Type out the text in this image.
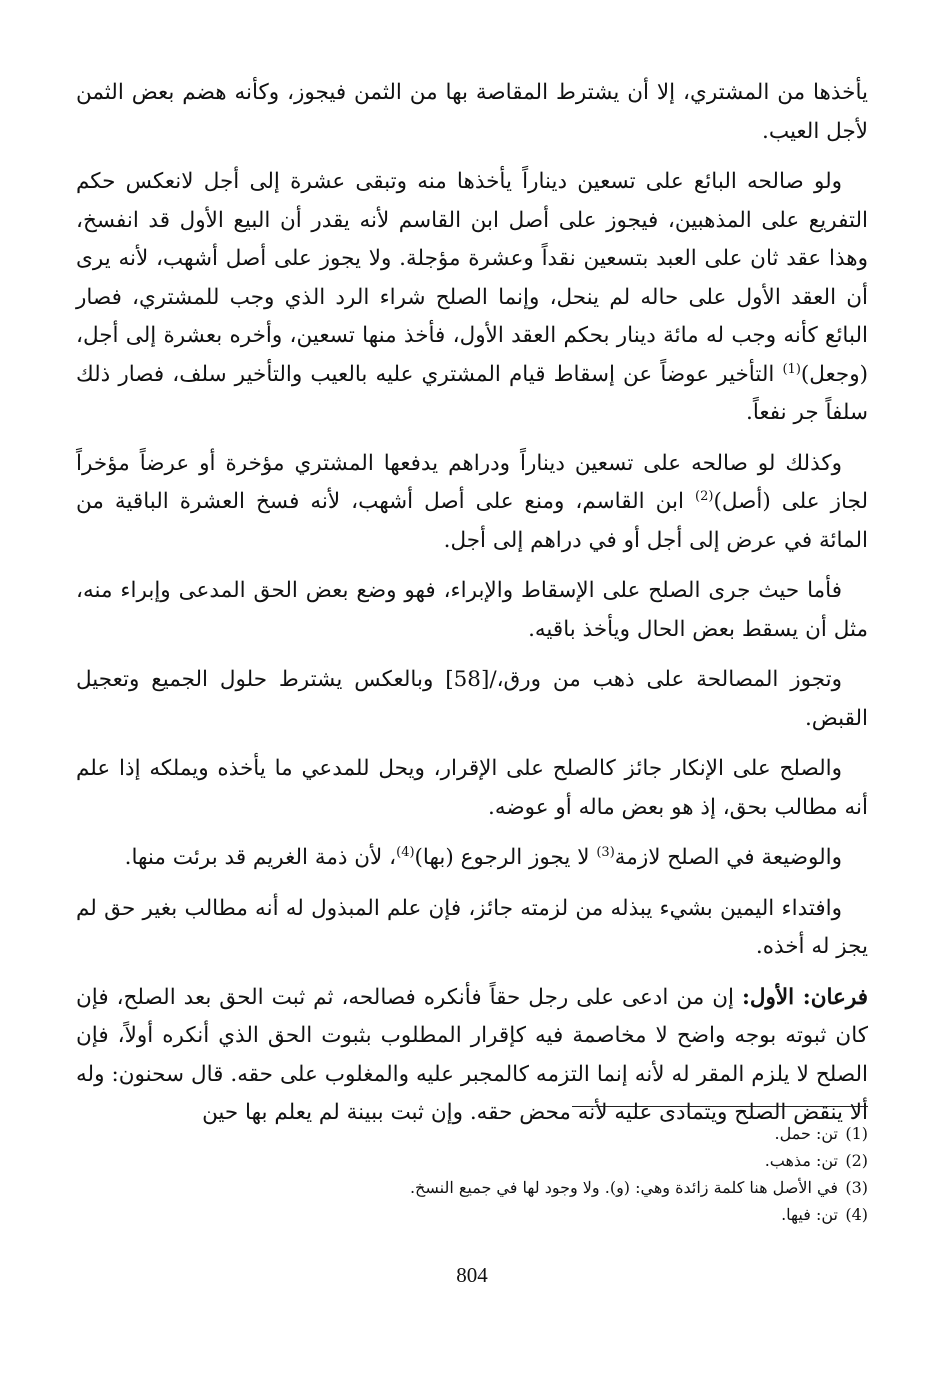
يأخذها من المشتري، إلا أن يشترط المقاصة بها من الثمن فيجوز، وكأنه هضم بعض الثمن لأجل العيب.

ولو صالحه البائع على تسعين ديناراً يأخذها منه وتبقى عشرة إلى أجل لانعكس حكم التفريع على المذهبين، فيجوز على أصل ابن القاسم لأنه يقدر أن البيع الأول قد انفسخ، وهذا عقد ثان على العبد بتسعين نقداً وعشرة مؤجلة. ولا يجوز على أصل أشهب، لأنه يرى أن العقد الأول على حاله لم ينحل، وإنما الصلح شراء الرد الذي وجب للمشتري، فصار البائع كأنه وجب له مائة دينار بحكم العقد الأول، فأخذ منها تسعين، وأخره بعشرة إلى أجل، (وجعل)$^{(1)}$ التأخير عوضاً عن إسقاط قيام المشتري عليه بالعيب والتأخير سلف، فصار ذلك سلفاً جر نفعاً.

وكذلك لو صالحه على تسعين ديناراً ودراهم يدفعها المشتري مؤخرة أو عرضاً مؤخراً لجاز على (أصل)$^{(2)}$ ابن القاسم، ومنع على أصل أشهب، لأنه فسخ العشرة الباقية من المائة في عرض إلى أجل أو في دراهم إلى أجل.

فأما حيث جرى الصلح على الإسقاط والإبراء، فهو وضع بعض الحق المدعى وإبراء منه، مثل أن يسقط بعض الحال ويأخذ باقيه.

وتجوز المصالحة على ذهب من ورق،/[58] وبالعكس يشترط حلول الجميع وتعجيل القبض.

والصلح على الإنكار جائز كالصلح على الإقرار، ويحل للمدعي ما يأخذه ويملكه إذا علم أنه مطالب بحق، إذ هو بعض ماله أو عوضه.

والوضيعة في الصلح لازمة$^{(3)}$ لا يجوز الرجوع (بها)$^{(4)}$، لأن ذمة الغريم قد برئت منها.

وافتداء اليمين بشيء يبذله من لزمته جائز، فإن علم المبذول له أنه مطالب بغير حق لم يجز له أخذه.

فرعان: الأول: إن من ادعى على رجل حقاً فأنكره فصالحه، ثم ثبت الحق بعد الصلح، فإن كان ثبوته بوجه واضح لا مخاصمة فيه كإقرار المطلوب بثبوت الحق الذي أنكره أولاً، فإن الصلح لا يلزم المقر له لأنه إنما التزمه كالمجبر عليه والمغلوب على حقه. قال سحنون: وله ألا ينقض الصلح ويتمادى عليه لأنه محض حقه. وإن ثبت ببينة لم يعلم بها حين

(1)
تن: حمل.
(2)
تن: مذهب.
(3)
في الأصل هنا كلمة زائدة وهي: (و). ولا وجود لها في جميع النسخ.
(4)
تن: فيها.
804
